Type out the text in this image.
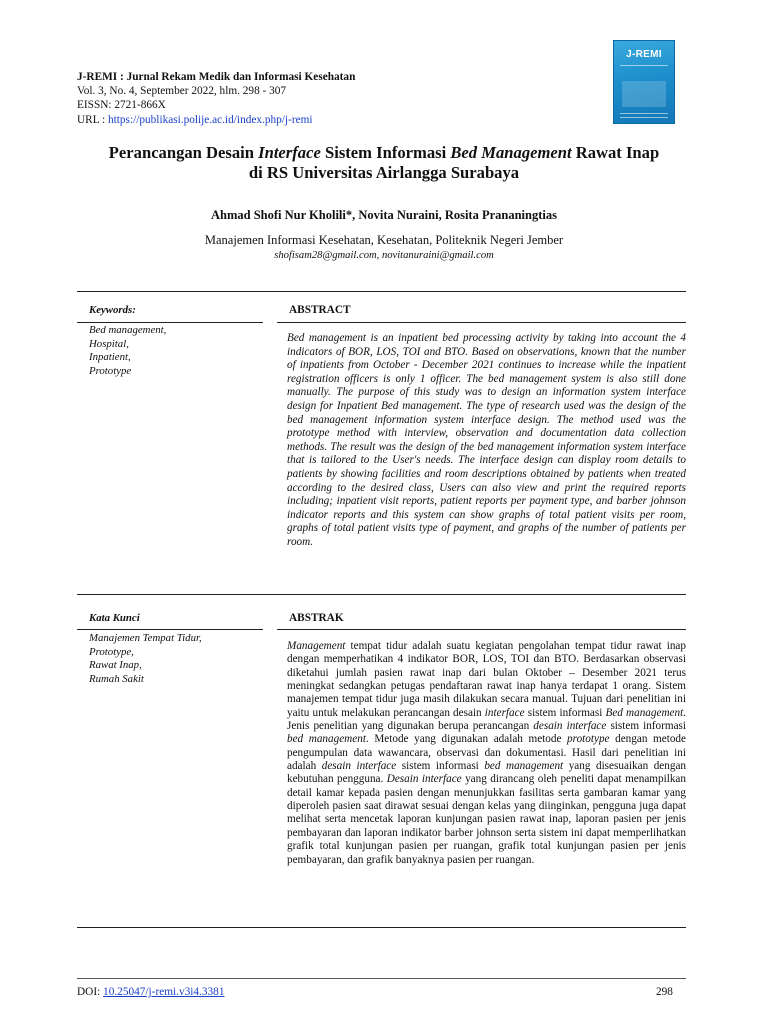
J-REMI : Jurnal Rekam Medik dan Informasi Kesehatan
Vol. 3, No. 4, September 2022, hlm. 298 - 307
EISSN: 2721-866X
URL : https://publikasi.polije.ac.id/index.php/j-remi
J-REMI
Perancangan Desain Interface Sistem Informasi Bed Management Rawat Inap
di RS Universitas Airlangga Surabaya
Ahmad Shofi Nur Kholili*, Novita Nuraini, Rosita Prananingtias
Manajemen Informasi Kesehatan, Kesehatan, Politeknik Negeri Jember
shofisam28@gmail.com, novitanuraini@gmail.com
Keywords:	ABSTRACT
Bed management,
Hospital,
Inpatient,
Prototype
Bed management is an inpatient bed processing activity by taking into account the 4 indicators of BOR, LOS, TOI and BTO. Based on observations, known that the number of inpatients from October - December 2021 continues to increase while the inpatient registration officers is only 1 officer. The bed management system is also still done manually. The purpose of this study was to design an information system interface design for Inpatient Bed management. The type of research used was the design of the bed management information system interface design. The method used was the prototype method with interview, observation and documentation data collection methods. The result was the design of the bed management information system interface that is tailored to the User's needs. The interface design can display room details to patients by showing facilities and room descriptions obtained by patients when treated according to the desired class, Users can also view and print the required reports including; inpatient visit reports, patient reports per payment type, and barber johnson indicator reports and this system can show graphs of total patient visits per room, graphs of total patient visits type of payment, and graphs of the number of patients per room.
Kata Kunci	ABSTRAK
Manajemen Tempat Tidur,
Prototype,
Rawat Inap,
Rumah Sakit
Management tempat tidur adalah suatu kegiatan pengolahan tempat tidur rawat inap dengan memperhatikan 4 indikator BOR, LOS, TOI dan BTO. Berdasarkan observasi diketahui jumlah pasien rawat inap dari bulan Oktober – Desember 2021 terus meningkat sedangkan petugas pendaftaran rawat inap hanya terdapat 1 orang. Sistem manajemen tempat tidur juga masih dilakukan secara manual. Tujuan dari penelitian ini yaitu untuk melakukan perancangan desain interface sistem informasi Bed management. Jenis penelitian yang digunakan berupa perancangan desain interface sistem informasi bed management. Metode yang digunakan adalah metode prototype dengan metode pengumpulan data wawancara, observasi dan dokumentasi. Hasil dari penelitian ini adalah desain interface sistem informasi bed management yang disesuaikan dengan kebutuhan pengguna. Desain interface yang dirancang oleh peneliti dapat menampilkan detail kamar kepada pasien dengan menunjukkan fasilitas serta gambaran kamar yang diperoleh pasien saat dirawat sesuai dengan kelas yang diinginkan, pengguna juga dapat melihat serta mencetak laporan kunjungan pasien rawat inap, laporan pasien per jenis pembayaran dan laporan indikator barber johnson serta sistem ini dapat memperlihatkan grafik total kunjungan pasien per ruangan, grafik total kunjungan pasien per jenis pembayaran, dan grafik banyaknya pasien per ruangan.
DOI: 10.25047/j-remi.v3i4.3381	298
